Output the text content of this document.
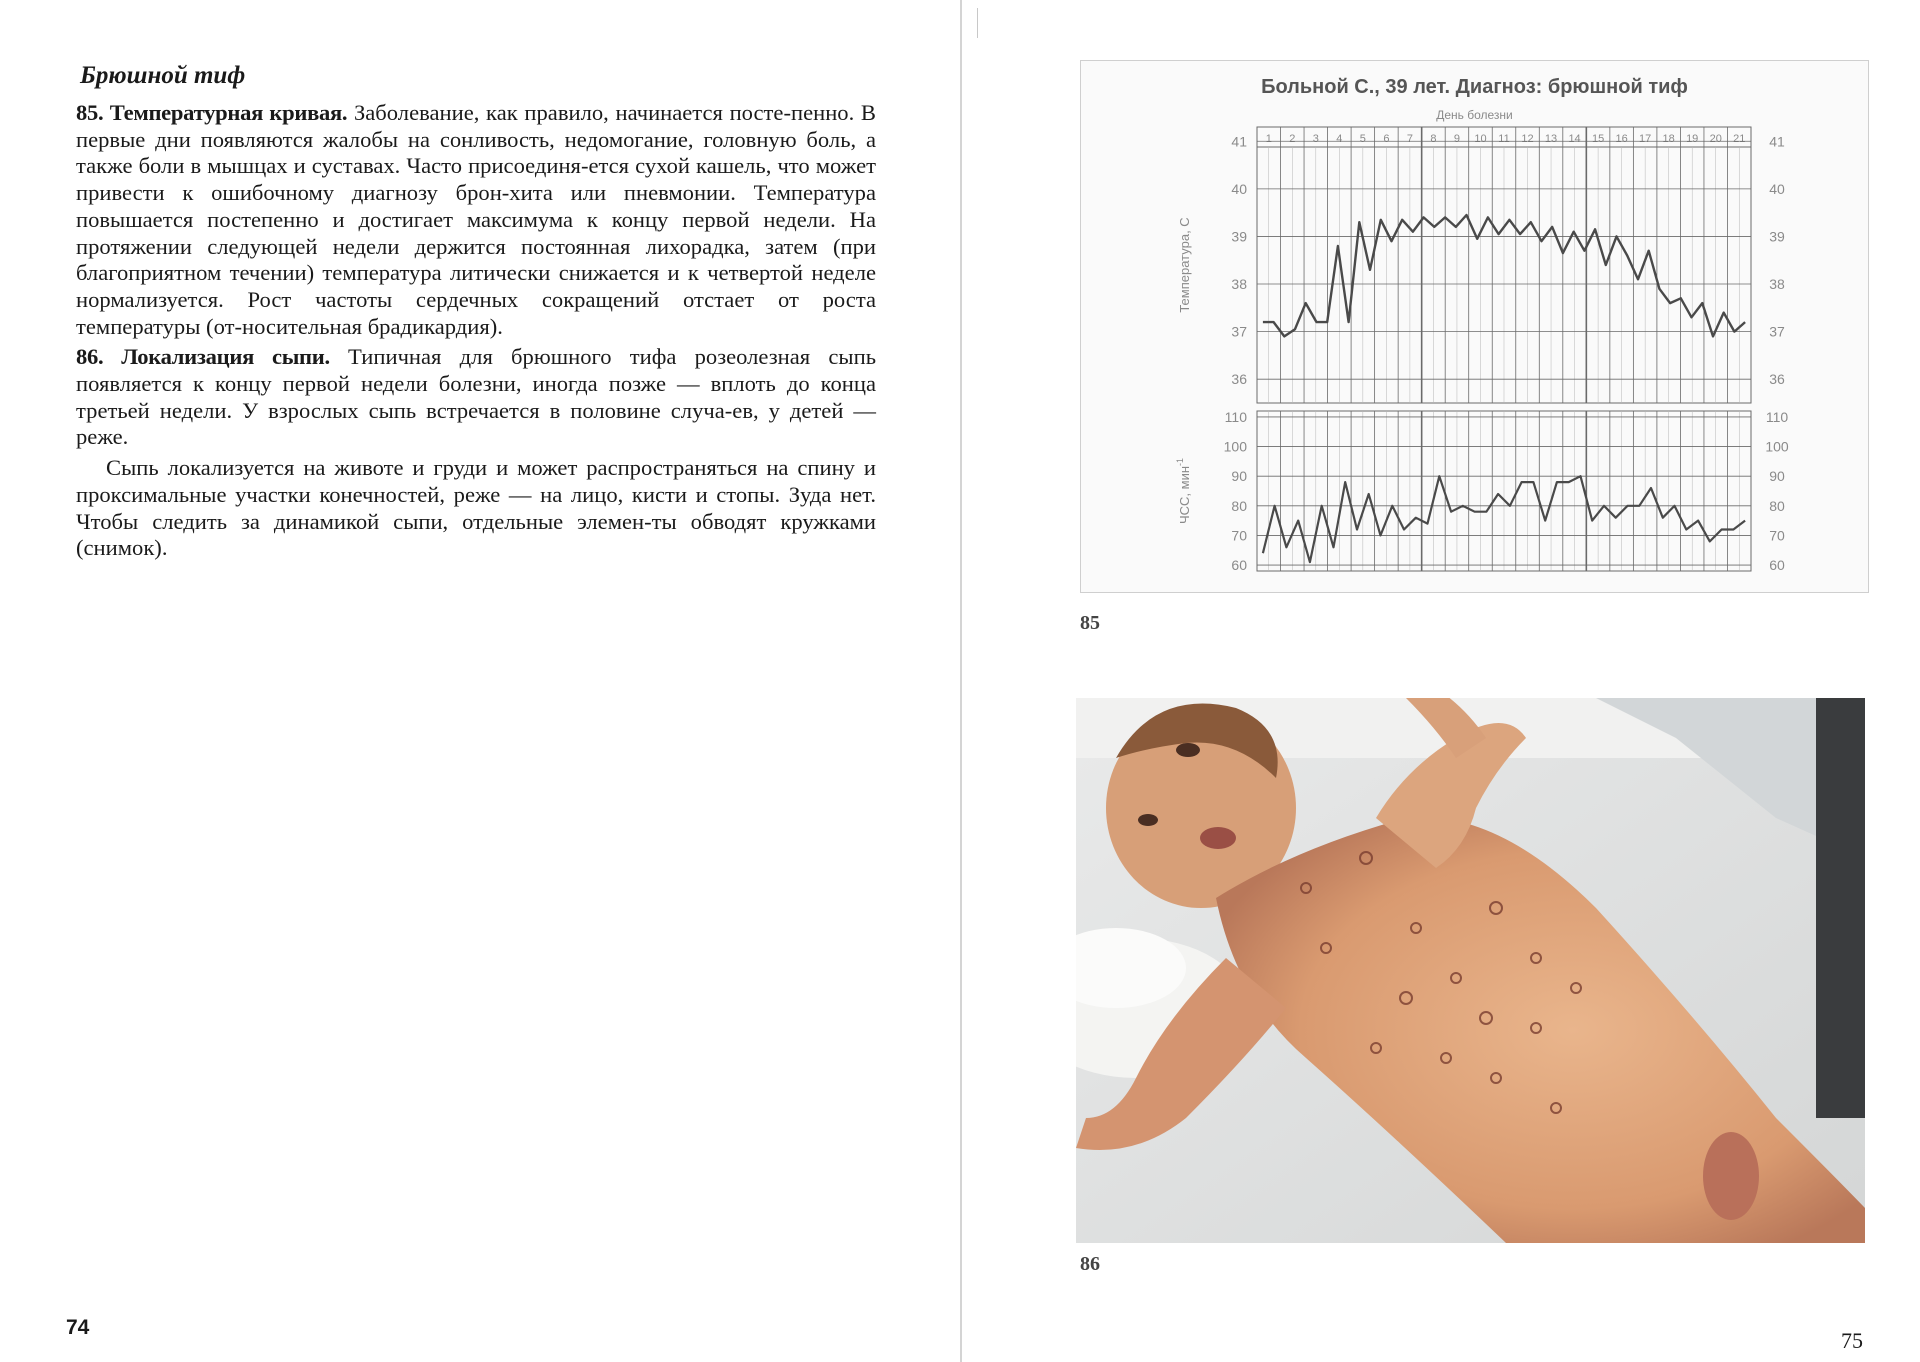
Брюшной тиф

85. Температурная кривая. Заболевание, как правило, начинается посте-пенно. В первые дни появляются жалобы на сонливость, недомогание, головную боль, а также боли в мышцах и суставах. Часто присоединя-ется сухой кашель, что может привести к ошибочному диагнозу брон-хита или пневмонии. Температура повышается постепенно и достигает максимума к концу первой недели. На протяжении следующей недели держится постоянная лихорадка, затем (при благоприятном течении) температура литически снижается и к четвертой неделе нормализуется. Рост частоты сердечных сокращений отстает от роста температуры (от-носительная брадикардия).

86. Локализация сыпи. Типичная для брюшного тифа розеолезная сыпь появляется к концу первой недели болезни, иногда позже — вплоть до конца третьей недели. У взрослых сыпь встречается в половине случа-ев, у детей — реже.

Сыпь локализуется на животе и груди и может распространяться на спину и проксимальные участки конечностей, реже — на лицо, кисти и стопы. Зуда нет. Чтобы следить за динамикой сыпи, отдельные элемен-ты обводят кружками (снимок).

74
Больной С., 39 лет. Диагноз: брюшной тиф
День болезни
1 2 3 4 5 6 7 8 9 10 11 12 13 14 15 16 17 18 19 20 21
41	41
40	40
39	39
38	38
37	37
36	36
Температура, С
110	110
100	100
90	90
80	80
70	70
60	60
ЧСС, мин$^{-1}$
85
86
75
